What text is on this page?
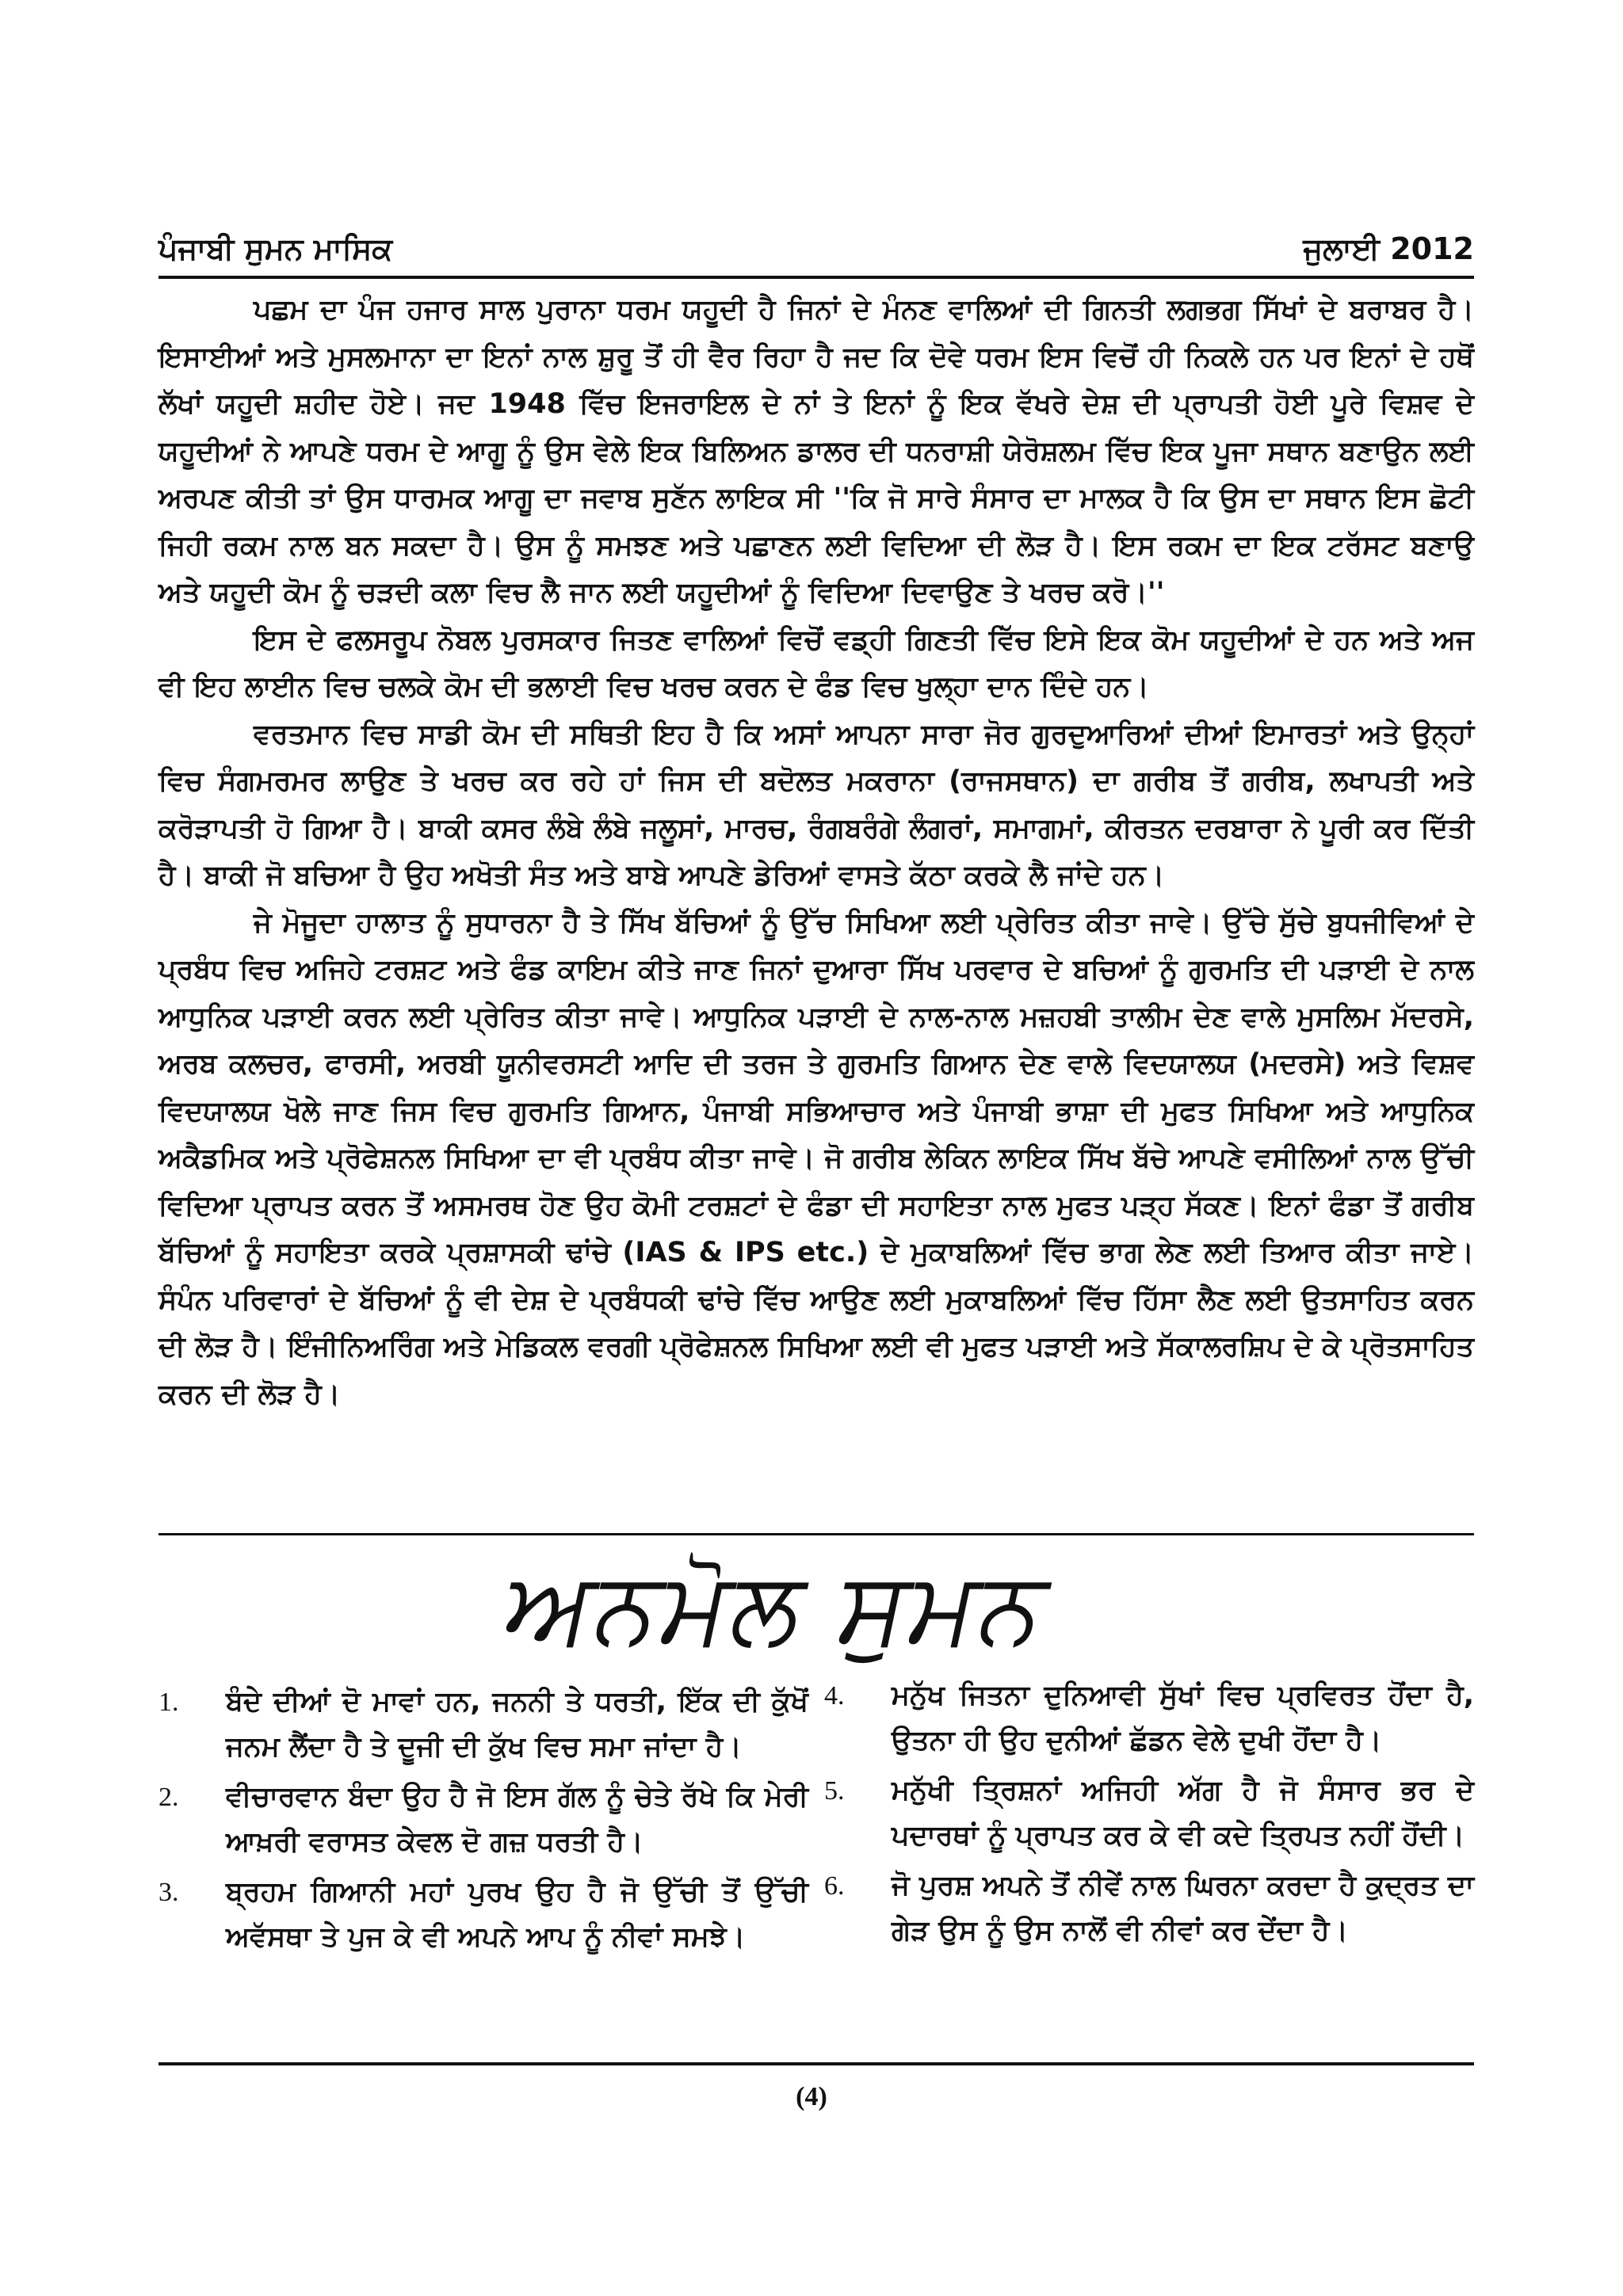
ਪੰਜਾਬੀ ਸੁਮਨ ਮਾਸਿਕ	ਜੁਲਾਈ 2012

ਪਛਮ ਦਾ ਪੰਜ ਹਜਾਰ ਸਾਲ ਪੁਰਾਨਾ ਧਰਮ ਯਹੂਦੀ ਹੈ ਜਿਨਾਂ ਦੇ ਮੰਨਣ ਵਾਲਿਆਂ ਦੀ ਗਿਨਤੀ ਲਗਭਗ ਸਿੱਖਾਂ ਦੇ ਬਰਾਬਰ ਹੈ। ਇਸਾਈਆਂ ਅਤੇ ਮੁਸਲਮਾਨਾ ਦਾ ਇਨਾਂ ਨਾਲ ਸ਼ੁਰੂ ਤੋਂ ਹੀ ਵੈਰ ਰਿਹਾ ਹੈ ਜਦ ਕਿ ਦੋਵੇ ਧਰਮ ਇਸ ਵਿਚੋਂ ਹੀ ਨਿਕਲੇ ਹਨ ਪਰ ਇਨਾਂ ਦੇ ਹਥੋਂ ਲੱਖਾਂ ਯਹੂਦੀ ਸ਼ਹੀਦ ਹੋਏ। ਜਦ 1948 ਵਿੱਚ ਇਜਰਾਇਲ ਦੇ ਨਾਂ ਤੇ ਇਨਾਂ ਨੂੰ ਇਕ ਵੱਖਰੇ ਦੇਸ਼ ਦੀ ਪ੍ਰਾਪਤੀ ਹੋਈ ਪੂਰੇ ਵਿਸ਼ਵ ਦੇ ਯਹੂਦੀਆਂ ਨੇ ਆਪਣੇ ਧਰਮ ਦੇ ਆਗੂ ਨੂੰ ਉਸ ਵੇਲੇ ਇਕ ਬਿਲਿਅਨ ਡਾਲਰ ਦੀ ਧਨਰਾਸ਼ੀ ਯੇਰੋਸ਼ਲਮ ਵਿੱਚ ਇਕ ਪੂਜਾ ਸਥਾਨ ਬਣਾਉਨ ਲਈ ਅਰਪਣ ਕੀਤੀ ਤਾਂ ਉਸ ਧਾਰਮਕ ਆਗੂ ਦਾ ਜਵਾਬ ਸੁਣੱਨ ਲਾਇਕ ਸੀ ''ਕਿ ਜੋ ਸਾਰੇ ਸੰਸਾਰ ਦਾ ਮਾਲਕ ਹੈ ਕਿ ਉਸ ਦਾ ਸਥਾਨ ਇਸ ਛੋਟੀ ਜਿਹੀ ਰਕਮ ਨਾਲ ਬਨ ਸਕਦਾ ਹੈ। ਉਸ ਨੂੰ ਸਮਝਣ ਅਤੇ ਪਛਾਣਨ ਲਈ ਵਿਦਿਆ ਦੀ ਲੋੜ ਹੈ। ਇਸ ਰਕਮ ਦਾ ਇਕ ਟਰੱਸਟ ਬਣਾਉ ਅਤੇ ਯਹੂਦੀ ਕੋਮ ਨੂੰ ਚੜਦੀ ਕਲਾ ਵਿਚ ਲੈ ਜਾਨ ਲਈ ਯਹੂਦੀਆਂ ਨੂੰ ਵਿਦਿਆ ਦਿਵਾਉਣ ਤੇ ਖਰਚ ਕਰੋ।''

ਇਸ ਦੇ ਫਲਸਰੂਪ ਨੋਬਲ ਪੁਰਸਕਾਰ ਜਿਤਣ ਵਾਲਿਆਂ ਵਿਚੋਂ ਵਡ਼੍ਹੀ ਗਿਣਤੀ ਵਿੱਚ ਇਸੇ ਇਕ ਕੋਮ ਯਹੂਦੀਆਂ ਦੇ ਹਨ ਅਤੇ ਅਜ ਵੀ ਇਹ ਲਾਈਨ ਵਿਚ ਚਲਕੇ ਕੋਮ ਦੀ ਭਲਾਈ ਵਿਚ ਖਰਚ ਕਰਨ ਦੇ ਫੰਡ ਵਿਚ ਖੁਲ੍ਹਾ ਦਾਨ ਦਿੰਦੇ ਹਨ।

ਵਰਤਮਾਨ ਵਿਚ ਸਾਡੀ ਕੋਮ ਦੀ ਸਥਿਤੀ ਇਹ ਹੈ ਕਿ ਅਸਾਂ ਆਪਨਾ ਸਾਰਾ ਜੋਰ ਗੁਰਦੁਆਰਿਆਂ ਦੀਆਂ ਇਮਾਰਤਾਂ ਅਤੇ ਉਨ੍ਹਾਂ ਵਿਚ ਸੰਗਮਰਮਰ ਲਾਉਣ ਤੇ ਖਰਚ ਕਰ ਰਹੇ ਹਾਂ ਜਿਸ ਦੀ ਬਦੋਲਤ ਮਕਰਾਨਾ (ਰਾਜਸਥਾਨ) ਦਾ ਗਰੀਬ ਤੋਂ ਗਰੀਬ, ਲਖਾਪਤੀ ਅਤੇ ਕਰੋੜਾਪਤੀ ਹੋ ਗਿਆ ਹੈ। ਬਾਕੀ ਕਸਰ ਲੰਬੇ ਲੰਬੇ ਜਲੂਸਾਂ, ਮਾਰਚ, ਰੰਗਬਰੰਗੇ ਲੰਗਰਾਂ, ਸਮਾਗਮਾਂ, ਕੀਰਤਨ ਦਰਬਾਰਾ ਨੇ ਪੂਰੀ ਕਰ ਦਿੱਤੀ ਹੈ। ਬਾਕੀ ਜੋ ਬਚਿਆ ਹੈ ਉਹ ਅਖੋਤੀ ਸੰਤ ਅਤੇ ਬਾਬੇ ਆਪਣੇ ਡੇਰਿਆਂ ਵਾਸਤੇ ਕੱਠਾ ਕਰਕੇ ਲੈ ਜਾਂਦੇ ਹਨ।

ਜੇ ਮੋਜੂਦਾ ਹਾਲਾਤ ਨੂੰ ਸੁਧਾਰਨਾ ਹੈ ਤੇ ਸਿੱਖ ਬੱਚਿਆਂ ਨੂੰ ਉੱਚ ਸਿਖਿਆ ਲਈ ਪ੍ਰੇਰਿਤ ਕੀਤਾ ਜਾਵੇ। ਉੱਚੇ ਸੁੱਚੇ ਬੁਧਜੀਵਿਆਂ ਦੇ ਪ੍ਰਬੰਧ ਵਿਚ ਅਜਿਹੇ ਟਰਸ਼ਟ ਅਤੇ ਫੰਡ ਕਾਇਮ ਕੀਤੇ ਜਾਣ ਜਿਨਾਂ ਦੁਆਰਾ ਸਿੱਖ ਪਰਵਾਰ ਦੇ ਬਚਿਆਂ ਨੂੰ ਗੁਰਮਤਿ ਦੀ ਪੜਾਈ ਦੇ ਨਾਲ ਆਧੁਨਿਕ ਪੜਾਈ ਕਰਨ ਲਈ ਪ੍ਰੇਰਿਤ ਕੀਤਾ ਜਾਵੇ। ਆਧੁਨਿਕ ਪੜਾਈ ਦੇ ਨਾਲ-ਨਾਲ ਮਜ਼ਹਬੀ ਤਾਲੀਮ ਦੇਣ ਵਾਲੇ ਮੁਸਲਿਮ ਮੱਦਰਸੇ, ਅਰਬ ਕਲਚਰ, ਫਾਰਸੀ, ਅਰਬੀ ਯੂਨੀਵਰਸਟੀ ਆਦਿ ਦੀ ਤਰਜ ਤੇ ਗੁਰਮਤਿ ਗਿਆਨ ਦੇਣ ਵਾਲੇ ਵਿਦਯਾਲਯ (ਮਦਰਸੇ) ਅਤੇ ਵਿਸ਼ਵ ਵਿਦਯਾਲਯ ਖੋਲੇ ਜਾਣ ਜਿਸ ਵਿਚ ਗੁਰਮਤਿ ਗਿਆਨ, ਪੰਜਾਬੀ ਸਭਿਆਚਾਰ ਅਤੇ ਪੰਜਾਬੀ ਭਾਸ਼ਾ ਦੀ ਮੁਫਤ ਸਿਖਿਆ ਅਤੇ ਆਧੁਨਿਕ ਅਕੈਡਮਿਕ ਅਤੇ ਪ੍ਰੋਫੇਸ਼ਨਲ ਸਿਖਿਆ ਦਾ ਵੀ ਪ੍ਰਬੰਧ ਕੀਤਾ ਜਾਵੇ। ਜੋ ਗਰੀਬ ਲੇਕਿਨ ਲਾਇਕ ਸਿੱਖ ਬੱਚੇ ਆਪਣੇ ਵਸੀਲਿਆਂ ਨਾਲ ਉੱਚੀ ਵਿਦਿਆ ਪ੍ਰਾਪਤ ਕਰਨ ਤੋਂ ਅਸਮਰਥ ਹੋਣ ਉਹ ਕੋਮੀ ਟਰਸ਼ਟਾਂ ਦੇ ਫੰਡਾ ਦੀ ਸਹਾਇਤਾ ਨਾਲ ਮੁਫਤ ਪੜ੍ਹ ਸੱਕਣ। ਇਨਾਂ ਫੰਡਾ ਤੋਂ ਗਰੀਬ ਬੱਚਿਆਂ ਨੂੰ ਸਹਾਇਤਾ ਕਰਕੇ ਪ੍ਰਸ਼ਾਸਕੀ ਢਾਂਚੇ (IAS & IPS etc.) ਦੇ ਮੁਕਾਬਲਿਆਂ ਵਿੱਚ ਭਾਗ ਲੇਣ ਲਈ ਤਿਆਰ ਕੀਤਾ ਜਾਏ। ਸੰਪੰਨ ਪਰਿਵਾਰਾਂ ਦੇ ਬੱਚਿਆਂ ਨੂੰ ਵੀ ਦੇਸ਼ ਦੇ ਪ੍ਰਬੰਧਕੀ ਢਾਂਚੇ ਵਿੱਚ ਆਉਣ ਲਈ ਮੁਕਾਬਲਿਆਂ ਵਿੱਚ ਹਿੱਸਾ ਲੈਣ ਲਈ ਉਤਸਾਹਿਤ ਕਰਨ ਦੀ ਲੋੜ ਹੈ। ਇੰਜੀਨਿਅਰਿੰਗ ਅਤੇ ਮੇਡਿਕਲ ਵਰਗੀ ਪ੍ਰੋਫੇਸ਼ਨਲ ਸਿਖਿਆ ਲਈ ਵੀ ਮੁਫਤ ਪੜਾਈ ਅਤੇ ਸੱਕਾਲਰਸ਼ਿਪ ਦੇ ਕੇ ਪ੍ਰੋਤਸਾਹਿਤ ਕਰਨ ਦੀ ਲੋੜ ਹੈ।

ਅਨਮੋਲ ਸੁਮਨ
1. ਬੰਦੇ ਦੀਆਂ ਦੋ ਮਾਵਾਂ ਹਨ, ਜਨਨੀ ਤੇ ਧਰਤੀ, ਇੱਕ ਦੀ ਕੁੱਖੋਂ ਜਨਮ ਲੈਂਦਾ ਹੈ ਤੇ ਦੂਜੀ ਦੀ ਕੁੱਖ ਵਿਚ ਸਮਾ ਜਾਂਦਾ ਹੈ।
2. ਵੀਚਾਰਵਾਨ ਬੰਦਾ ਉਹ ਹੈ ਜੋ ਇਸ ਗੱਲ ਨੂੰ ਚੇਤੇ ਰੱਖੇ ਕਿ ਮੇਰੀ ਆਖ਼ਰੀ ਵਰਾਸਤ ਕੇਵਲ ਦੋ ਗਜ਼ ਧਰਤੀ ਹੈ।
3. ਬ੍ਰਹਮ ਗਿਆਨੀ ਮਹਾਂ ਪੁਰਖ ਉਹ ਹੈ ਜੋ ਉੱਚੀ ਤੋਂ ਉੱਚੀ ਅਵੱਸਥਾ ਤੇ ਪੁਜ ਕੇ ਵੀ ਅਪਨੇ ਆਪ ਨੂੰ ਨੀਵਾਂ ਸਮਝੇ।
4. ਮਨੁੱਖ ਜਿਤਨਾ ਦੁਨਿਆਵੀ ਸੁੱਖਾਂ ਵਿਚ ਪ੍ਰਵਿਰਤ ਹੋਂਦਾ ਹੈ, ਉਤਨਾ ਹੀ ਉਹ ਦੁਨੀਆਂ ਛੱਡਨ ਵੇਲੇ ਦੁਖੀ ਹੋਂਦਾ ਹੈ।
5. ਮਨੁੱਖੀ ਤ੍ਰਿਸ਼ਨਾਂ ਅਜਿਹੀ ਅੱਗ ਹੈ ਜੋ ਸੰਸਾਰ ਭਰ ਦੇ ਪਦਾਰਥਾਂ ਨੂੰ ਪ੍ਰਾਪਤ ਕਰ ਕੇ ਵੀ ਕਦੇ ਤ੍ਰਿਪਤ ਨਹੀਂ ਹੋਂਦੀ।
6. ਜੋ ਪੁਰਸ਼ ਅਪਨੇ ਤੋਂ ਨੀਵੇਂ ਨਾਲ ਘਿਰਨਾ ਕਰਦਾ ਹੈ ਕੁਦ੍ਰਤ ਦਾ ਗੇੜ ਉਸ ਨੂੰ ਉਸ ਨਾਲੋਂ ਵੀ ਨੀਵਾਂ ਕਰ ਦੇਂਦਾ ਹੈ।
(4)
